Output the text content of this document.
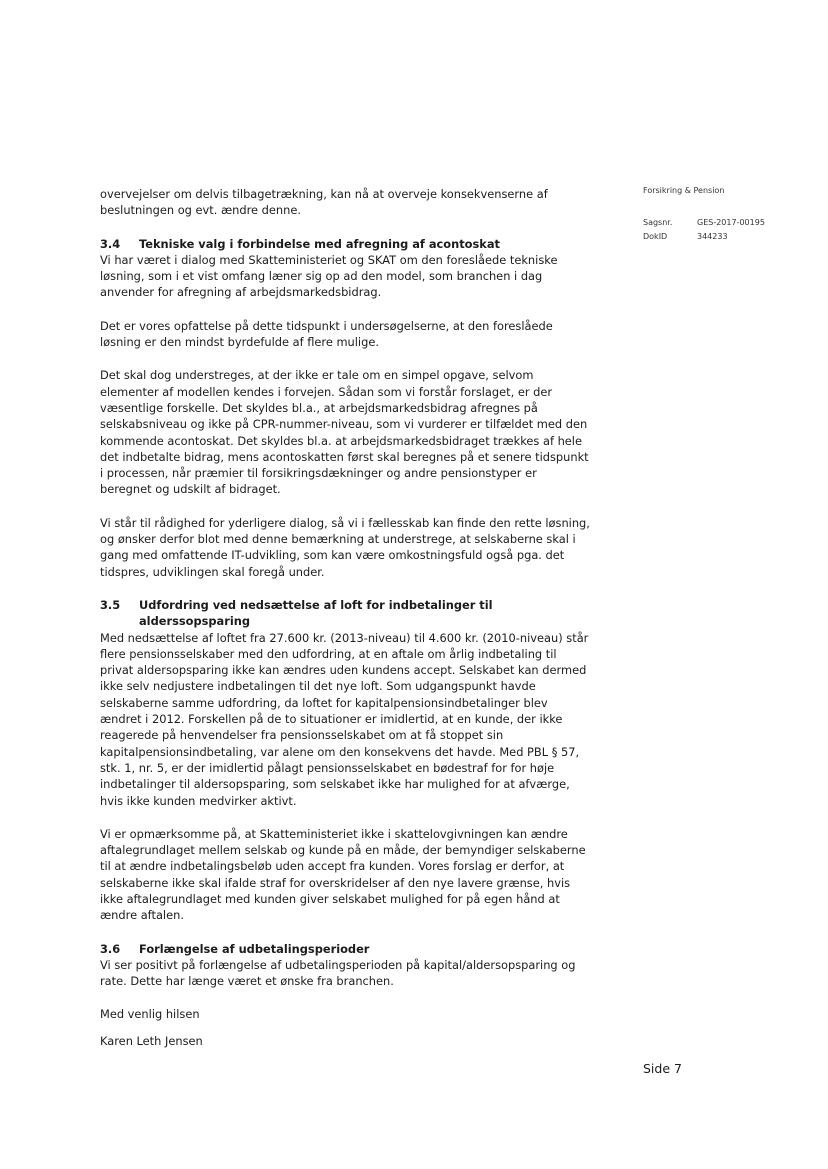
Forsikring & Pension
Sagsnr.	GES-2017-00195
DokID	344233

overvejelser om delvis tilbagetrækning, kan nå at overveje konsekvenserne af beslutningen og evt. ændre denne.

3.4	Tekniske valg i forbindelse med afregning af acontoskat

Vi har været i dialog med Skatteministeriet og SKAT om den foreslåede tekniske løsning, som i et vist omfang læner sig op ad den model, som branchen i dag anvender for afregning af arbejdsmarkedsbidrag.

Det er vores opfattelse på dette tidspunkt i undersøgelserne, at den foreslåede løsning er den mindst byrdefulde af flere mulige.

Det skal dog understreges, at der ikke er tale om en simpel opgave, selvom elementer af modellen kendes i forvejen. Sådan som vi forstår forslaget, er der væsentlige forskelle. Det skyldes bl.a., at arbejdsmarkedsbidrag afregnes på selskabsniveau og ikke på CPR-nummer-niveau, som vi vurderer er tilfældet med den kommende acontoskat. Det skyldes bl.a. at arbejdsmarkedsbidraget trækkes af hele det indbetalte bidrag, mens acontoskatten først skal beregnes på et senere tidspunkt i processen, når præmier til forsikringsdækninger og andre pensionstyper er beregnet og udskilt af bidraget.

Vi står til rådighed for yderligere dialog, så vi i fællesskab kan finde den rette løsning, og ønsker derfor blot med denne bemærkning at understrege, at selskaberne skal i gang med omfattende IT-udvikling, som kan være omkostningsfuld også pga. det tidspres, udviklingen skal foregå under.

3.5	Udfordring ved nedsættelse af loft for indbetalinger til alderssopsparing

Med nedsættelse af loftet fra 27.600 kr. (2013-niveau) til 4.600 kr. (2010-niveau) står flere pensionsselskaber med den udfordring, at en aftale om årlig indbetaling til privat aldersopsparing ikke kan ændres uden kundens accept. Selskabet kan dermed ikke selv nedjustere indbetalingen til det nye loft. Som udgangspunkt havde selskaberne samme udfordring, da loftet for kapitalpensionsindbetalinger blev ændret i 2012. Forskellen på de to situationer er imidlertid, at en kunde, der ikke reagerede på henvendelser fra pensionsselskabet om at få stoppet sin kapitalpensionsindbetaling, var alene om den konsekvens det havde. Med PBL § 57, stk. 1, nr. 5, er der imidlertid pålagt pensionsselskabet en bødestraf for for høje indbetalinger til aldersopsparing, som selskabet ikke har mulighed for at afværge, hvis ikke kunden medvirker aktivt.

Vi er opmærksomme på, at Skatteministeriet ikke i skattelovgivningen kan ændre aftalegrundlaget mellem selskab og kunde på en måde, der bemyndiger selskaberne til at ændre indbetalingsbeløb uden accept fra kunden. Vores forslag er derfor, at selskaberne ikke skal ifalde straf for overskridelser af den nye lavere grænse, hvis ikke aftalegrundlaget med kunden giver selskabet mulighed for på egen hånd at ændre aftalen.

3.6	Forlængelse af udbetalingsperioder

Vi ser positivt på forlængelse af udbetalingsperioden på kapital/aldersopsparing og rate. Dette har længe været et ønske fra branchen.

Med venlig hilsen

Karen Leth Jensen

Side 7
